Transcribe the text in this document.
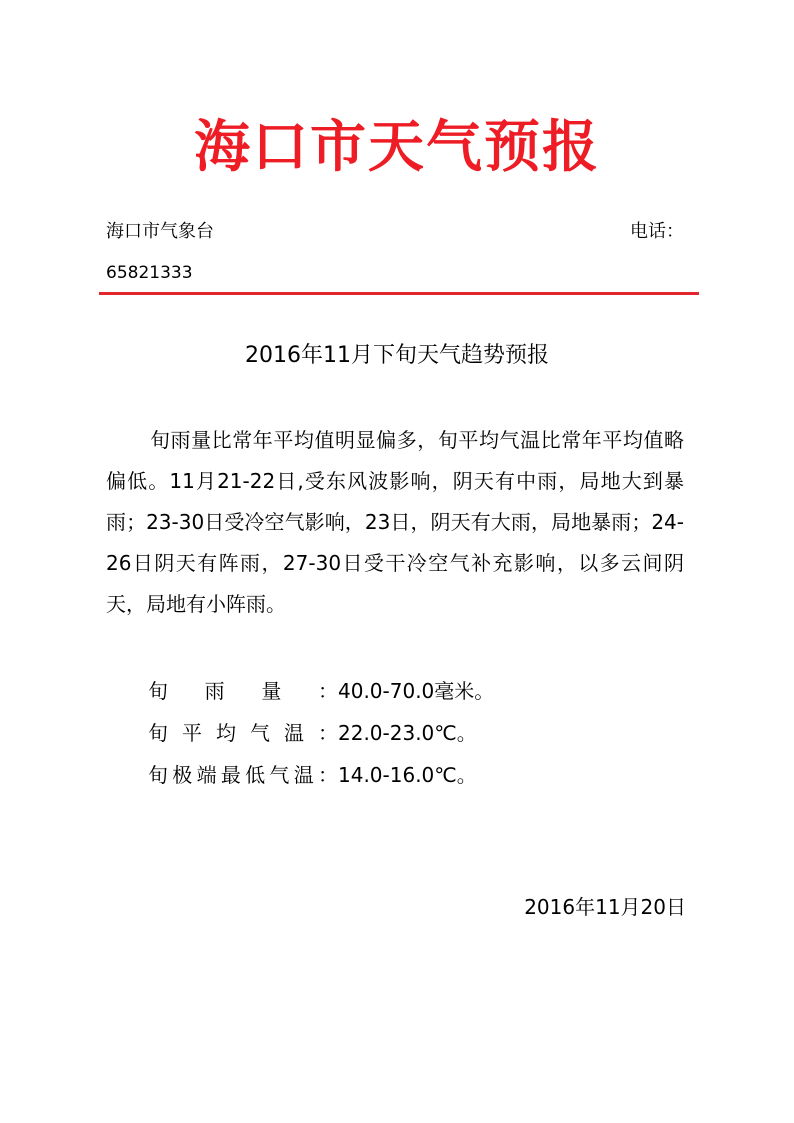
海口市天气预报
海口市气象台	电话：
65821333
2016年11月下旬天气趋势预报

旬雨量比常年平均值明显偏多，旬平均气温比常年平均值略偏低。11月21-22日,受东风波影响，阴天有中雨，局地大到暴雨；23-30日受冷空气影响，23日，阴天有大雨，局地暴雨；24-26日阴天有阵雨，27-30日受干冷空气补充影响，以多云间阴天，局地有小阵雨。

旬雨量：40.0-70.0毫米。
旬平均气温：22.0-23.0℃。
旬极端最低气温：14.0-16.0℃。
2016年11月20日
